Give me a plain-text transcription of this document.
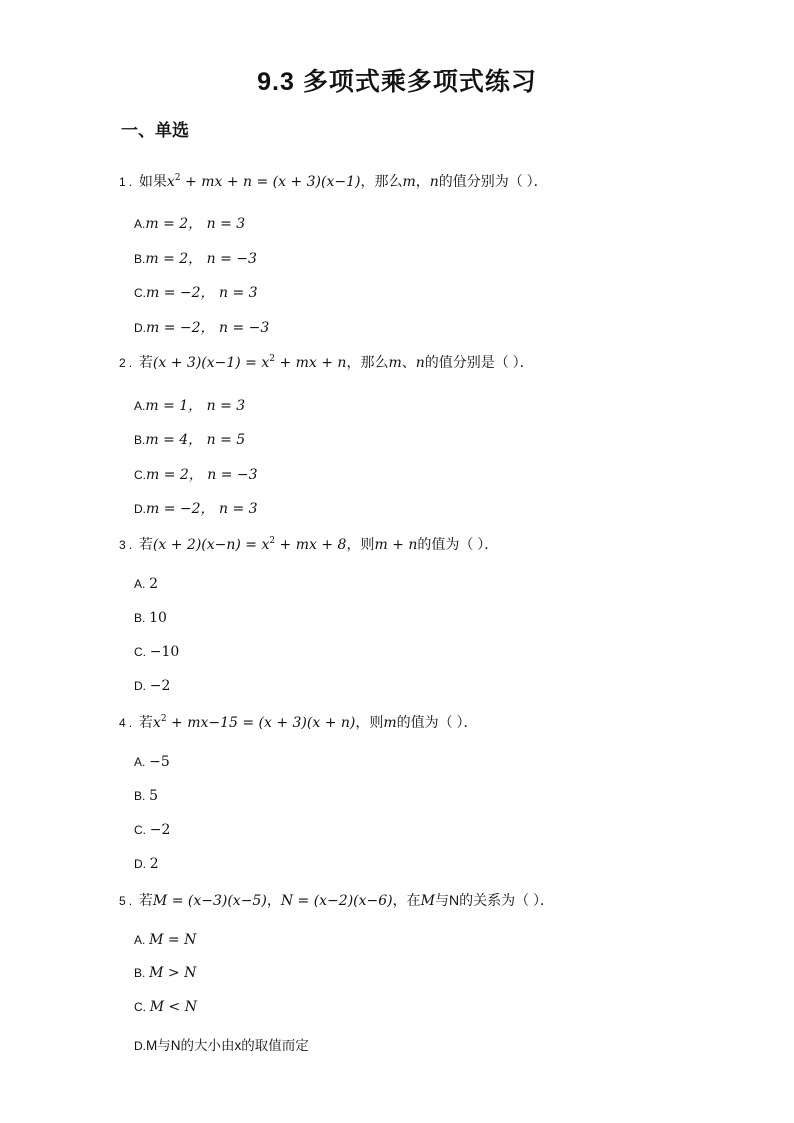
9.3 多项式乘多项式练习
一、单选
1 . 如果$x^2$ + mx + n = (x + 3)(x−1)，那么m，n的值分别为（ ）．
A.m = 2， n = 3
B.m = 2， n = −3
C.m = −2， n = 3
D.m = −2， n = −3
2 . 若$(x + 3)(x-1) = x^2$ + mx + n，那么m、n的值分别是（ ）．
A.m = 1， n = 3
B.m = 4， n = 5
C.m = 2， n = −3
D.m = −2， n = 3
3 . 若$(x + 2)(x-n) = x^2$ + mx + 8，则m + n的值为（ ）．
A. 2
B. 10
C. −10
D. −2
4 . 若$x^2 + mx-15 = (x + 3)(x + n)$，则m的值为（ ）．
A. −5
B. 5
C. −2
D. 2
5 . 若M = (x−3)(x−5)，N = (x−2)(x−6)，在M与N的关系为（ ）．
A. M = N
B. M > N
C. M < N
D.M与N的大小由x的取值而定
